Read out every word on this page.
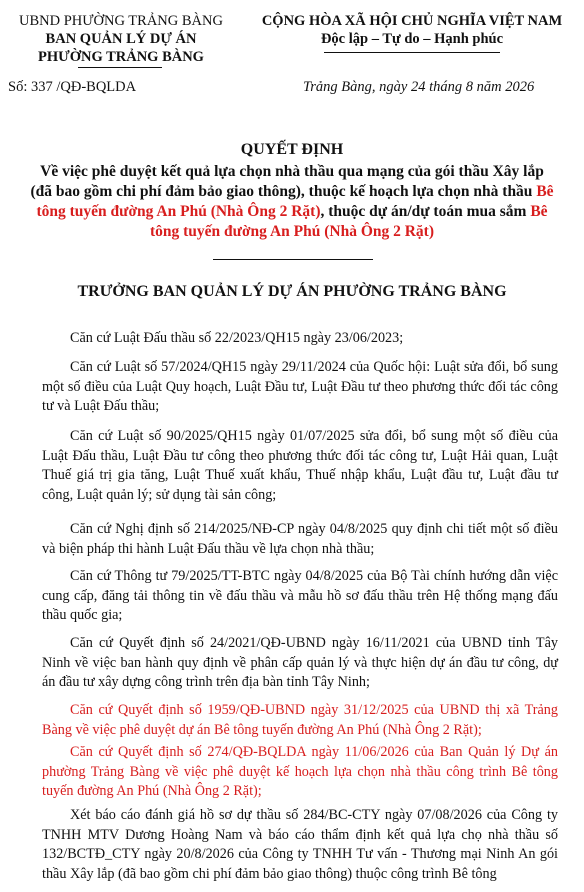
UBND PHƯỜNG TRẢNG BÀNG
BAN QUẢN LÝ DỰ ÁN
PHƯỜNG TRẢNG BÀNG
CỘNG HÒA XÃ HỘI CHỦ NGHĨA VIỆT NAM
Độc lập – Tự do – Hạnh phúc
Số: 337 /QĐ-BQLDA	Trảng Bàng, ngày 24 tháng 8 năm 2026
QUYẾT ĐỊNH
Về việc phê duyệt kết quả lựa chọn nhà thầu qua mạng của gói thầu Xây lắp (đã bao gồm chi phí đảm bảo giao thông), thuộc kế hoạch lựa chọn nhà thầu Bê tông tuyến đường An Phú (Nhà Ông 2 Rặt), thuộc dự án/dự toán mua sắm Bê tông tuyến đường An Phú (Nhà Ông 2 Rặt)
TRƯỞNG BAN QUẢN LÝ DỰ ÁN PHƯỜNG TRẢNG BÀNG

Căn cứ Luật Đấu thầu số 22/2023/QH15 ngày 23/06/2023;

Căn cứ Luật số 57/2024/QH15 ngày 29/11/2024 của Quốc hội: Luật sửa đổi, bổ sung một số điều của Luật Quy hoạch, Luật Đầu tư, Luật Đầu tư theo phương thức đối tác công tư và Luật Đấu thầu;

Căn cứ Luật số 90/2025/QH15 ngày 01/07/2025 sửa đổi, bổ sung một số điều của Luật Đấu thầu, Luật Đầu tư công theo phương thức đối tác công tư, Luật Hải quan, Luật Thuế giá trị gia tăng, Luật Thuế xuất khẩu, Thuế nhập khẩu, Luật đầu tư, Luật đầu tư công, Luật quản lý; sử dụng tài sản công;

Căn cứ Nghị định số 214/2025/NĐ-CP ngày 04/8/2025 quy định chi tiết một số điều và biện pháp thi hành Luật Đấu thầu về lựa chọn nhà thầu;

Căn cứ Thông tư 79/2025/TT-BTC ngày 04/8/2025 của Bộ Tài chính hướng dẫn việc cung cấp, đăng tải thông tin về đấu thầu và mẫu hồ sơ đấu thầu trên Hệ thống mạng đấu thầu quốc gia;

Căn cứ Quyết định số 24/2021/QĐ-UBND ngày 16/11/2021 của UBND tỉnh Tây Ninh về việc ban hành quy định về phân cấp quản lý và thực hiện dự án đầu tư công, dự án đầu tư xây dựng công trình trên địa bàn tỉnh Tây Ninh;

Căn cứ Quyết định số 1959/QĐ-UBND ngày 31/12/2025 của UBND thị xã Trảng Bàng về việc phê duyệt dự án Bê tông tuyến đường An Phú (Nhà Ông 2 Rặt);

Căn cứ Quyết định số 274/QĐ-BQLDA ngày 11/06/2026 của Ban Quản lý Dự án phường Trảng Bàng về việc phê duyệt kế hoạch lựa chọn nhà thầu công trình Bê tông tuyến đường An Phú (Nhà Ông 2 Rặt);

Xét báo cáo đánh giá hồ sơ dự thầu số 284/BC-CTY ngày 07/08/2026 của Công ty TNHH MTV Dương Hoàng Nam và báo cáo thẩm định kết quả lựa chọ nhà thầu số 132/BCTĐ_CTY ngày 20/8/2026 của Công ty TNHH Tư vấn - Thương mại Ninh An gói thầu Xây lắp (đã bao gồm chi phí đảm bảo giao thông) thuộc công trình Bê tông
